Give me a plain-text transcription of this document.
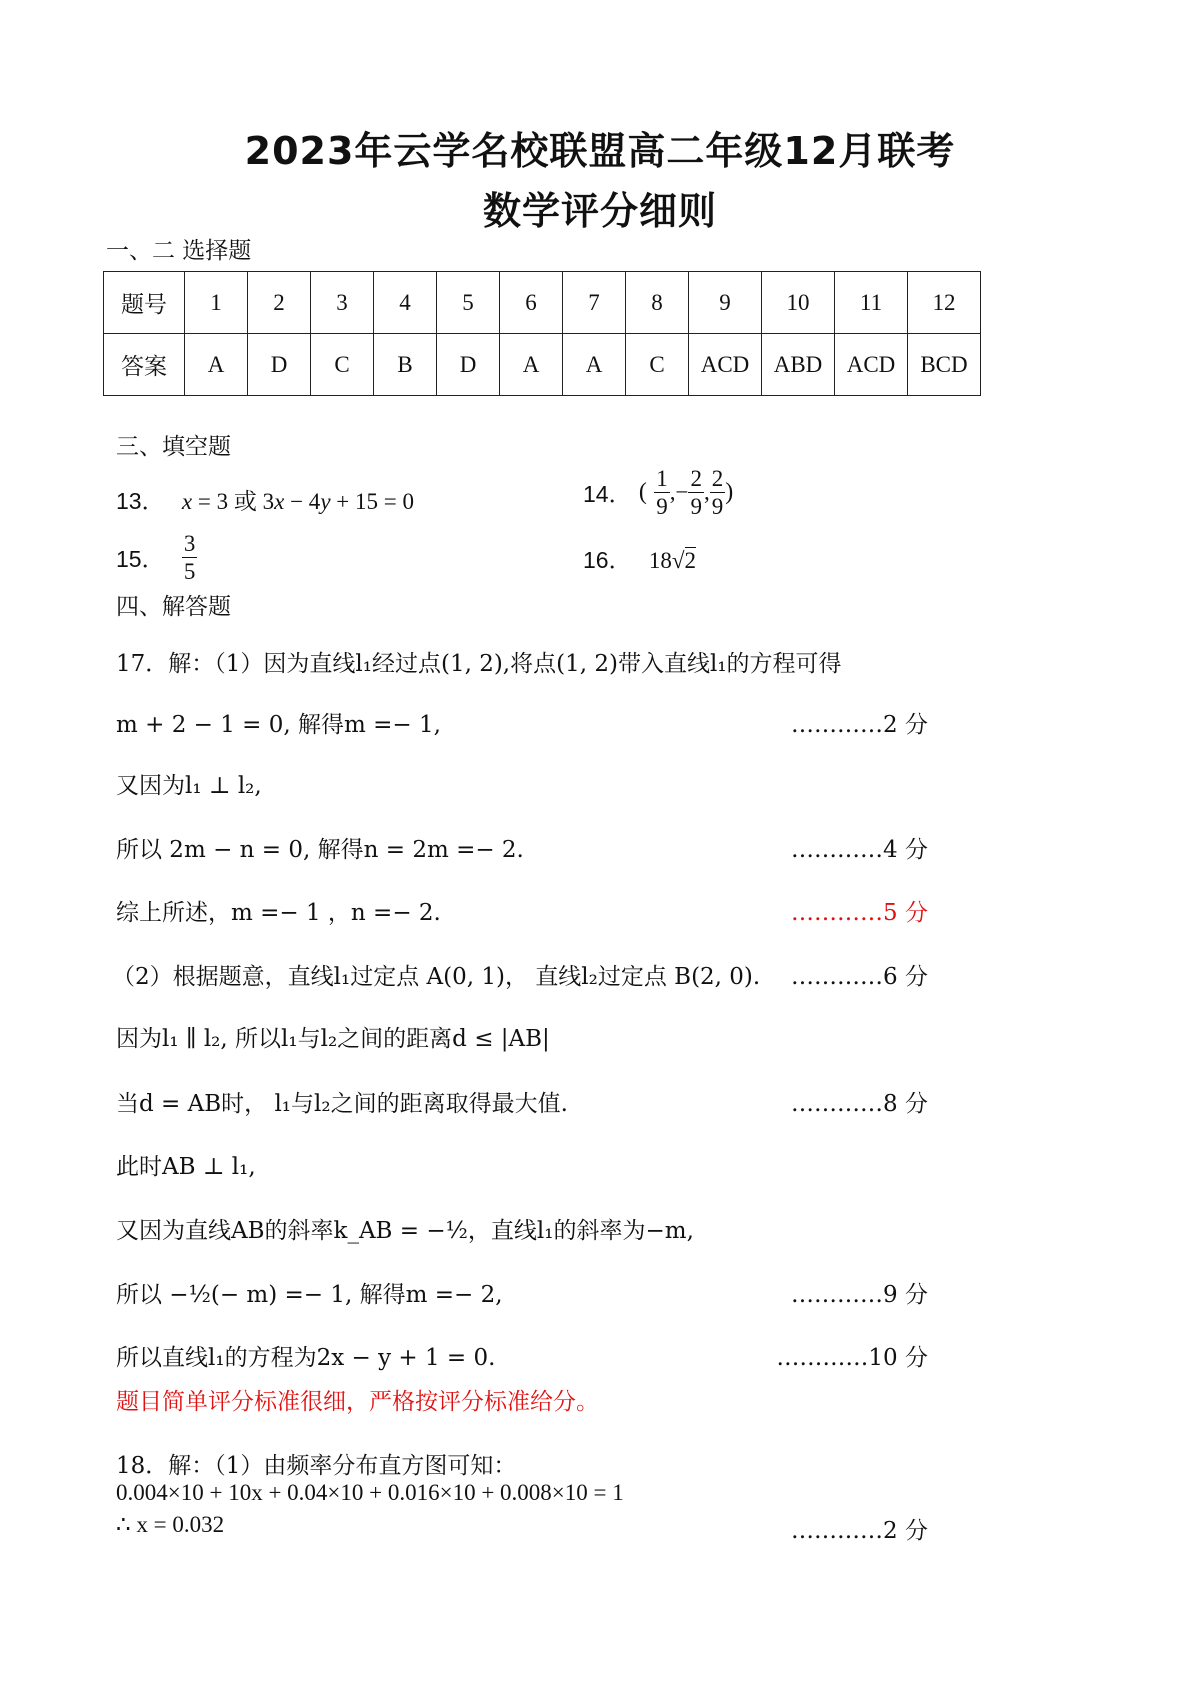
2023年云学名校联盟高二年级12月联考
数学评分细则
一、二 选择题
题号	1	2	3	4	5	6	7	8	9	10	11	12
答案	A	D	C	B	D	A	A	C	ACD	ABD	ACD	BCD
三、填空题
13． x = 3 或 3x − 4y + 15 = 0	14． ( $\frac{1}{9}$ ,− $\frac{2}{9}$ , $\frac{2}{9}$ )
15． $\frac{3}{5}$	16． 18√2
四、解答题
17．解：（1）因为直线l₁经过点(1, 2),将点(1, 2)带入直线l₁的方程可得
m + 2 − 1 = 0, 解得m =− 1,	…………2 分
又因为l₁ ⊥ l₂,
所以 2m − n = 0, 解得n = 2m =− 2.	…………4 分
综上所述，m =− 1 ，n =− 2.	…………5 分
（2）根据题意，直线l₁过定点 A(0, 1)， 直线l₂过定点 B(2, 0).	…………6 分
因为l₁ ∥ l₂, 所以l₁与l₂之间的距离d ≤ |AB|
当d = AB时， l₁与l₂之间的距离取得最大值.	…………8 分
此时AB ⊥ l₁,
又因为直线AB的斜率k_AB = −½，直线l₁的斜率为−m,
所以 −½(− m) =− 1, 解得m =− 2,	…………9 分
所以直线l₁的方程为2x − y + 1 = 0.	…………10 分
题目简单评分标准很细，严格按评分标准给分。
18．解：（1）由频率分布直方图可知：
0.004×10 + 10x + 0.04×10 + 0.016×10 + 0.008×10 = 1
∴ x = 0.032	…………2 分
